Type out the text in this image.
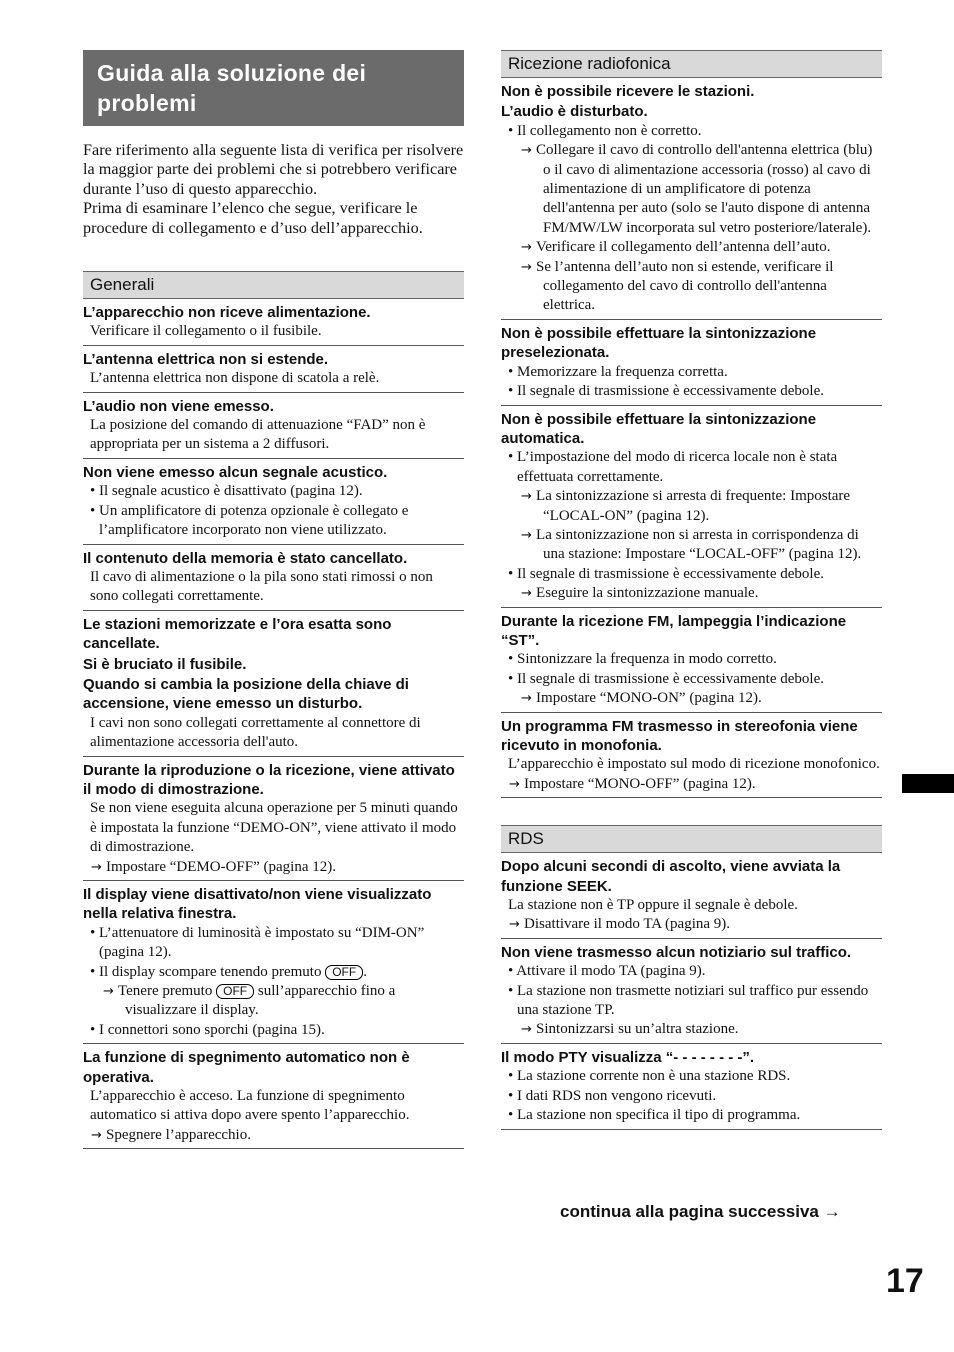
Guida alla soluzione dei problemi
Fare riferimento alla seguente lista di verifica per risolvere la maggior parte dei problemi che si potrebbero verificare durante l’uso di questo apparecchio.
Prima di esaminare l’elenco che segue, verificare le procedure di collegamento e d’uso dell’apparecchio.
Generali
L’apparecchio non riceve alimentazione.
Verificare il collegamento o il fusibile.
L’antenna elettrica non si estende.
L’antenna elettrica non dispone di scatola a relè.
L’audio non viene emesso.
La posizione del comando di attenuazione “FAD” non è appropriata per un sistema a 2 diffusori.
Non viene emesso alcun segnale acustico.
• Il segnale acustico è disattivato (pagina 12).
• Un amplificatore di potenza opzionale è collegato e l’amplificatore incorporato non viene utilizzato.
Il contenuto della memoria è stato cancellato.
Il cavo di alimentazione o la pila sono stati rimossi o non sono collegati correttamente.
Le stazioni memorizzate e l’ora esatta sono cancellate.
Si è bruciato il fusibile.
Quando si cambia la posizione della chiave di accensione, viene emesso un disturbo.
I cavi non sono collegati correttamente al connettore di alimentazione accessoria dell'auto.
Durante la riproduzione o la ricezione, viene attivato il modo di dimostrazione.
Se non viene eseguita alcuna operazione per 5 minuti quando è impostata la funzione “DEMO-ON”, viene attivato il modo di dimostrazione.
→ Impostare “DEMO-OFF” (pagina 12).
Il display viene disattivato/non viene visualizzato nella relativa finestra.
• L’attenuatore di luminosità è impostato su “DIM-ON” (pagina 12).
• Il display scompare tenendo premuto OFF .
→ Tenere premuto OFF sull’apparecchio fino a visualizzare il display.
• I connettori sono sporchi (pagina 15).
La funzione di spegnimento automatico non è operativa.
L’apparecchio è acceso. La funzione di spegnimento automatico si attiva dopo avere spento l’apparecchio.
→ Spegnere l’apparecchio.
Ricezione radiofonica
Non è possibile ricevere le stazioni.
L’audio è disturbato.
• Il collegamento non è corretto.
→ Collegare il cavo di controllo dell'antenna elettrica (blu) o il cavo di alimentazione accessoria (rosso) al cavo di alimentazione di un amplificatore di potenza dell'antenna per auto (solo se l'auto dispone di antenna FM/MW/LW incorporata sul vetro posteriore/laterale).
→ Verificare il collegamento dell’antenna dell’auto.
→ Se l’antenna dell’auto non si estende, verificare il collegamento del cavo di controllo dell'antenna elettrica.
Non è possibile effettuare la sintonizzazione preselezionata.
• Memorizzare la frequenza corretta.
• Il segnale di trasmissione è eccessivamente debole.
Non è possibile effettuare la sintonizzazione automatica.
• L’impostazione del modo di ricerca locale non è stata effettuata correttamente.
→ La sintonizzazione si arresta di frequente: Impostare “LOCAL-ON” (pagina 12).
→ La sintonizzazione non si arresta in corrispondenza di una stazione: Impostare “LOCAL-OFF” (pagina 12).
• Il segnale di trasmissione è eccessivamente debole.
→ Eseguire la sintonizzazione manuale.
Durante la ricezione FM, lampeggia l’indicazione “ST”.
• Sintonizzare la frequenza in modo corretto.
• Il segnale di trasmissione è eccessivamente debole.
→ Impostare “MONO-ON” (pagina 12).
Un programma FM trasmesso in stereofonia viene ricevuto in monofonia.
L’apparecchio è impostato sul modo di ricezione monofonico.
→ Impostare “MONO-OFF” (pagina 12).
RDS
Dopo alcuni secondi di ascolto, viene avviata la funzione SEEK.
La stazione non è TP oppure il segnale è debole.
→ Disattivare il modo TA (pagina 9).
Non viene trasmesso alcun notiziario sul traffico.
• Attivare il modo TA (pagina 9).
• La stazione non trasmette notiziari sul traffico pur essendo una stazione TP.
→ Sintonizzarsi su un’altra stazione.
Il modo PTY visualizza “- - - - - - - -”.
• La stazione corrente non è una stazione RDS.
• I dati RDS non vengono ricevuti.
• La stazione non specifica il tipo di programma.
continua alla pagina successiva →
17
